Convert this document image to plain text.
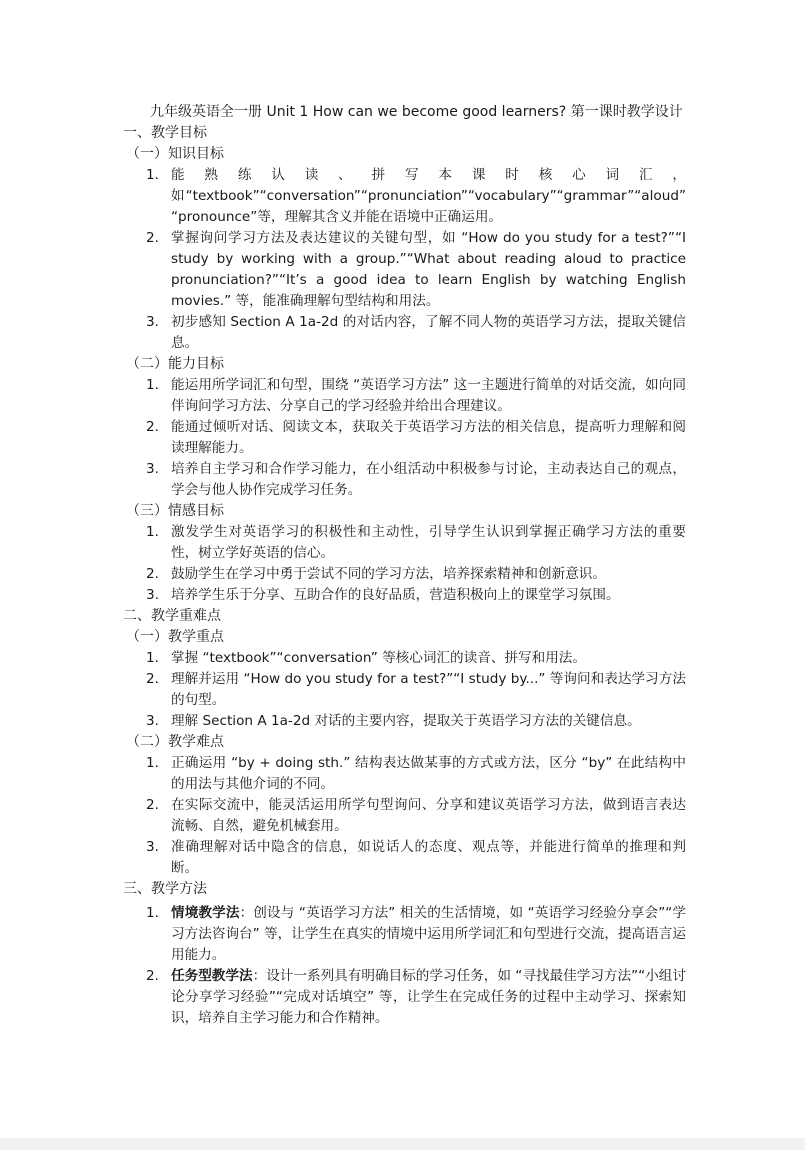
九年级英语全一册 Unit 1 How can we become good learners? 第一课时教学设计
一、教学目标
（一）知识目标
1. 能熟练认读、拼写本课时核心词汇，如“textbook”“conversation”“pronunciation”“vocabulary”“grammar”“aloud”“pronounce”等，理解其含义并能在语境中正确运用。
2. 掌握询问学习方法及表达建议的关键句型，如 “How do you study for a test?”“I study by working with a group.”“What about reading aloud to practice pronunciation?”“It’s a good idea to learn English by watching English movies.” 等，能准确理解句型结构和用法。
3. 初步感知 Section A 1a-2d 的对话内容，了解不同人物的英语学习方法，提取关键信息。
（二）能力目标
1. 能运用所学词汇和句型，围绕 “英语学习方法” 这一主题进行简单的对话交流，如向同伴询问学习方法、分享自己的学习经验并给出合理建议。
2. 能通过倾听对话、阅读文本，获取关于英语学习方法的相关信息，提高听力理解和阅读理解能力。
3. 培养自主学习和合作学习能力，在小组活动中积极参与讨论，主动表达自己的观点，学会与他人协作完成学习任务。
（三）情感目标
1. 激发学生对英语学习的积极性和主动性，引导学生认识到掌握正确学习方法的重要性，树立学好英语的信心。
2. 鼓励学生在学习中勇于尝试不同的学习方法，培养探索精神和创新意识。
3. 培养学生乐于分享、互助合作的良好品质，营造积极向上的课堂学习氛围。
二、教学重难点
（一）教学重点
1. 掌握 “textbook”“conversation” 等核心词汇的读音、拼写和用法。
2. 理解并运用 “How do you study for a test?”“I study by...” 等询问和表达学习方法的句型。
3. 理解 Section A 1a-2d 对话的主要内容，提取关于英语学习方法的关键信息。
（二）教学难点
1. 正确运用 “by + doing sth.” 结构表达做某事的方式或方法，区分 “by” 在此结构中的用法与其他介词的不同。
2. 在实际交流中，能灵活运用所学句型询问、分享和建议英语学习方法，做到语言表达流畅、自然，避免机械套用。
3. 准确理解对话中隐含的信息，如说话人的态度、观点等，并能进行简单的推理和判断。
三、教学方法
1. 情境教学法：创设与 “英语学习方法” 相关的生活情境，如 “英语学习经验分享会”“学习方法咨询台” 等，让学生在真实的情境中运用所学词汇和句型进行交流，提高语言运用能力。
2. 任务型教学法：设计一系列具有明确目标的学习任务，如 “寻找最佳学习方法”“小组讨论分享学习经验”“完成对话填空” 等，让学生在完成任务的过程中主动学习、探索知识，培养自主学习能力和合作精神。
